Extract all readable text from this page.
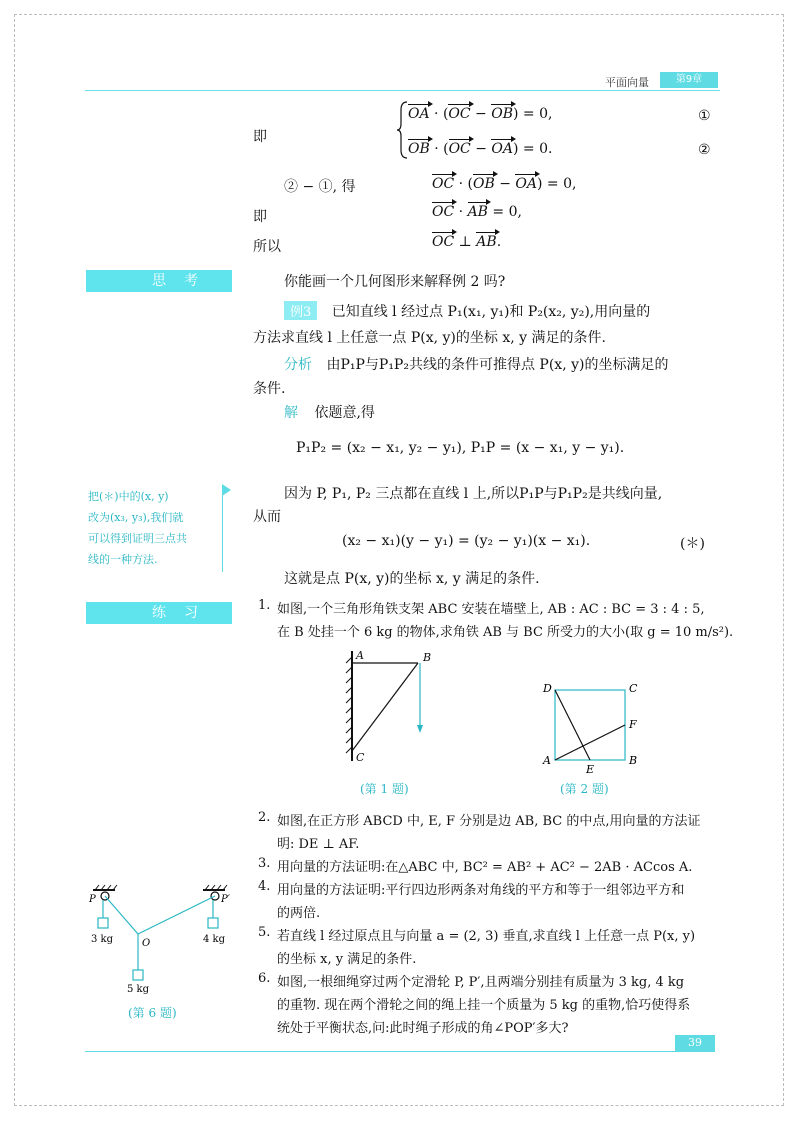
平面向量	第9章
即
OA · (OC − OB) = 0,	①
OB · (OC − OA) = 0.	②
② − ①, 得	OC · (OB − OA) = 0,
即	OC · AB = 0,
所以	OC ⊥ AB.
思考	你能画一个几何图形来解释例 2 吗?
例3 已知直线 l 经过点 P₁(x₁, y₁)和 P₂(x₂, y₂),用向量的
方法求直线 l 上任意一点 P(x, y)的坐标 x, y 满足的条件.
分析 由P₁P与P₁P₂共线的条件可推得点 P(x, y)的坐标满足的
条件.
解 依题意,得
P₁P₂ = (x₂ − x₁, y₂ − y₁), P₁P = (x − x₁, y − y₁).
因为 P, P₁, P₂ 三点都在直线 l 上,所以P₁P与P₁P₂是共线向量,
从而
(x₂ − x₁)(y − y₁) = (y₂ − y₁)(x − x₁).	(＊)
这就是点 P(x, y)的坐标 x, y 满足的条件.
把(＊)中的(x, y)
改为(x₃, y₃),我们就
可以得到证明三点共
线的一种方法.
练习	1. 如图,一个三角形角铁支架 ABC 安装在墙壁上, AB : AC : BC = 3 : 4 : 5,
在 B 处挂一个 6 kg 的物体,求角铁 AB 与 BC 所受力的大小(取 g = 10 m/s²).
A	B
C
(第 1 题)
D	C
F
A	B
E
(第 2 题)
2. 如图,在正方形 ABCD 中, E, F 分别是边 AB, BC 的中点,用向量的方法证
明: DE ⊥ AF.
3. 用向量的方法证明:在△ABC 中, BC² = AB² + AC² − 2AB · ACcos A.
4. 用向量的方法证明:平行四边形两条对角线的平方和等于一组邻边平方和
的两倍.
5. 若直线 l 经过原点且与向量 a = (2, 3) 垂直,求直线 l 上任意一点 P(x, y)
的坐标 x, y 满足的条件.
6. 如图,一根细绳穿过两个定滑轮 P, P′,且两端分别挂有质量为 3 kg, 4 kg
的重物. 现在两个滑轮之间的绳上挂一个质量为 5 kg 的重物,恰巧使得系
统处于平衡状态,问:此时绳子形成的角∠POP′多大?
P	P′
O
3 kg	4 kg
5 kg
(第 6 题)
39
